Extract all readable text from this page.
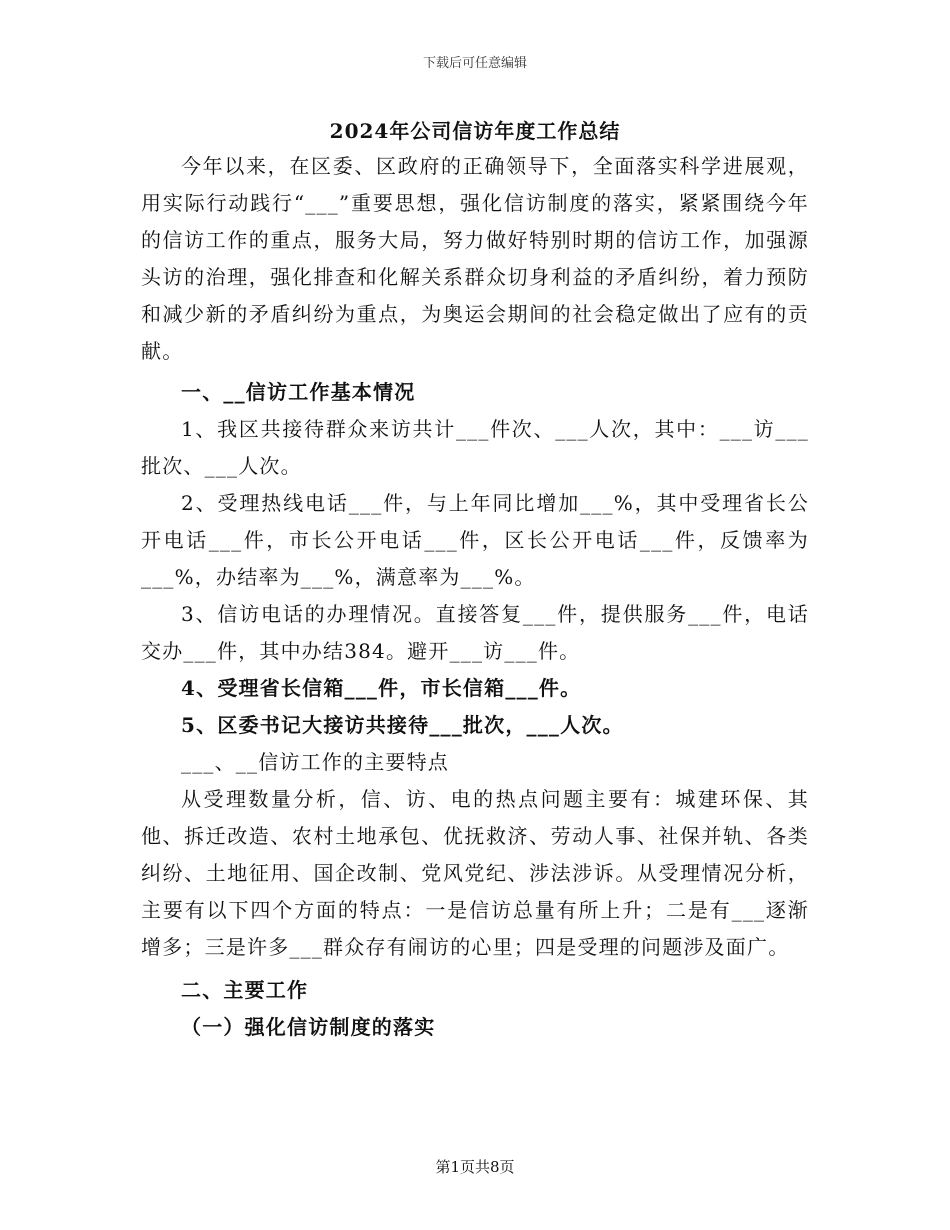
下载后可任意编辑
2024年公司信访年度工作总结

今年以来，在区委、区政府的正确领导下，全面落实科学进展观，用实际行动践行“___”重要思想，强化信访制度的落实，紧紧围绕今年的信访工作的重点，服务大局，努力做好特别时期的信访工作，加强源头访的治理，强化排查和化解关系群众切身利益的矛盾纠纷，着力预防和减少新的矛盾纠纷为重点，为奥运会期间的社会稳定做出了应有的贡献。

一、__信访工作基本情况

1、我区共接待群众来访共计___件次、___人次，其中：___访___批次、___人次。

2、受理热线电话___件，与上年同比增加___%，其中受理省长公开电话___件，市长公开电话___件，区长公开电话___件，反馈率为___%，办结率为___%，满意率为___%。

3、信访电话的办理情况。直接答复___件，提供服务___件，电话交办___件，其中办结384。避开___访___件。

4、受理省长信箱___件，市长信箱___件。

5、区委书记大接访共接待___批次，___人次。

___、__信访工作的主要特点

从受理数量分析，信、访、电的热点问题主要有：城建环保、其他、拆迁改造、农村土地承包、优抚救济、劳动人事、社保并轨、各类纠纷、土地征用、国企改制、党风党纪、涉法涉诉。从受理情况分析，主要有以下四个方面的特点：一是信访总量有所上升；二是有___逐渐增多；三是许多___群众存有闹访的心里；四是受理的问题涉及面广。

二、主要工作

（一）强化信访制度的落实

第1页共8页
